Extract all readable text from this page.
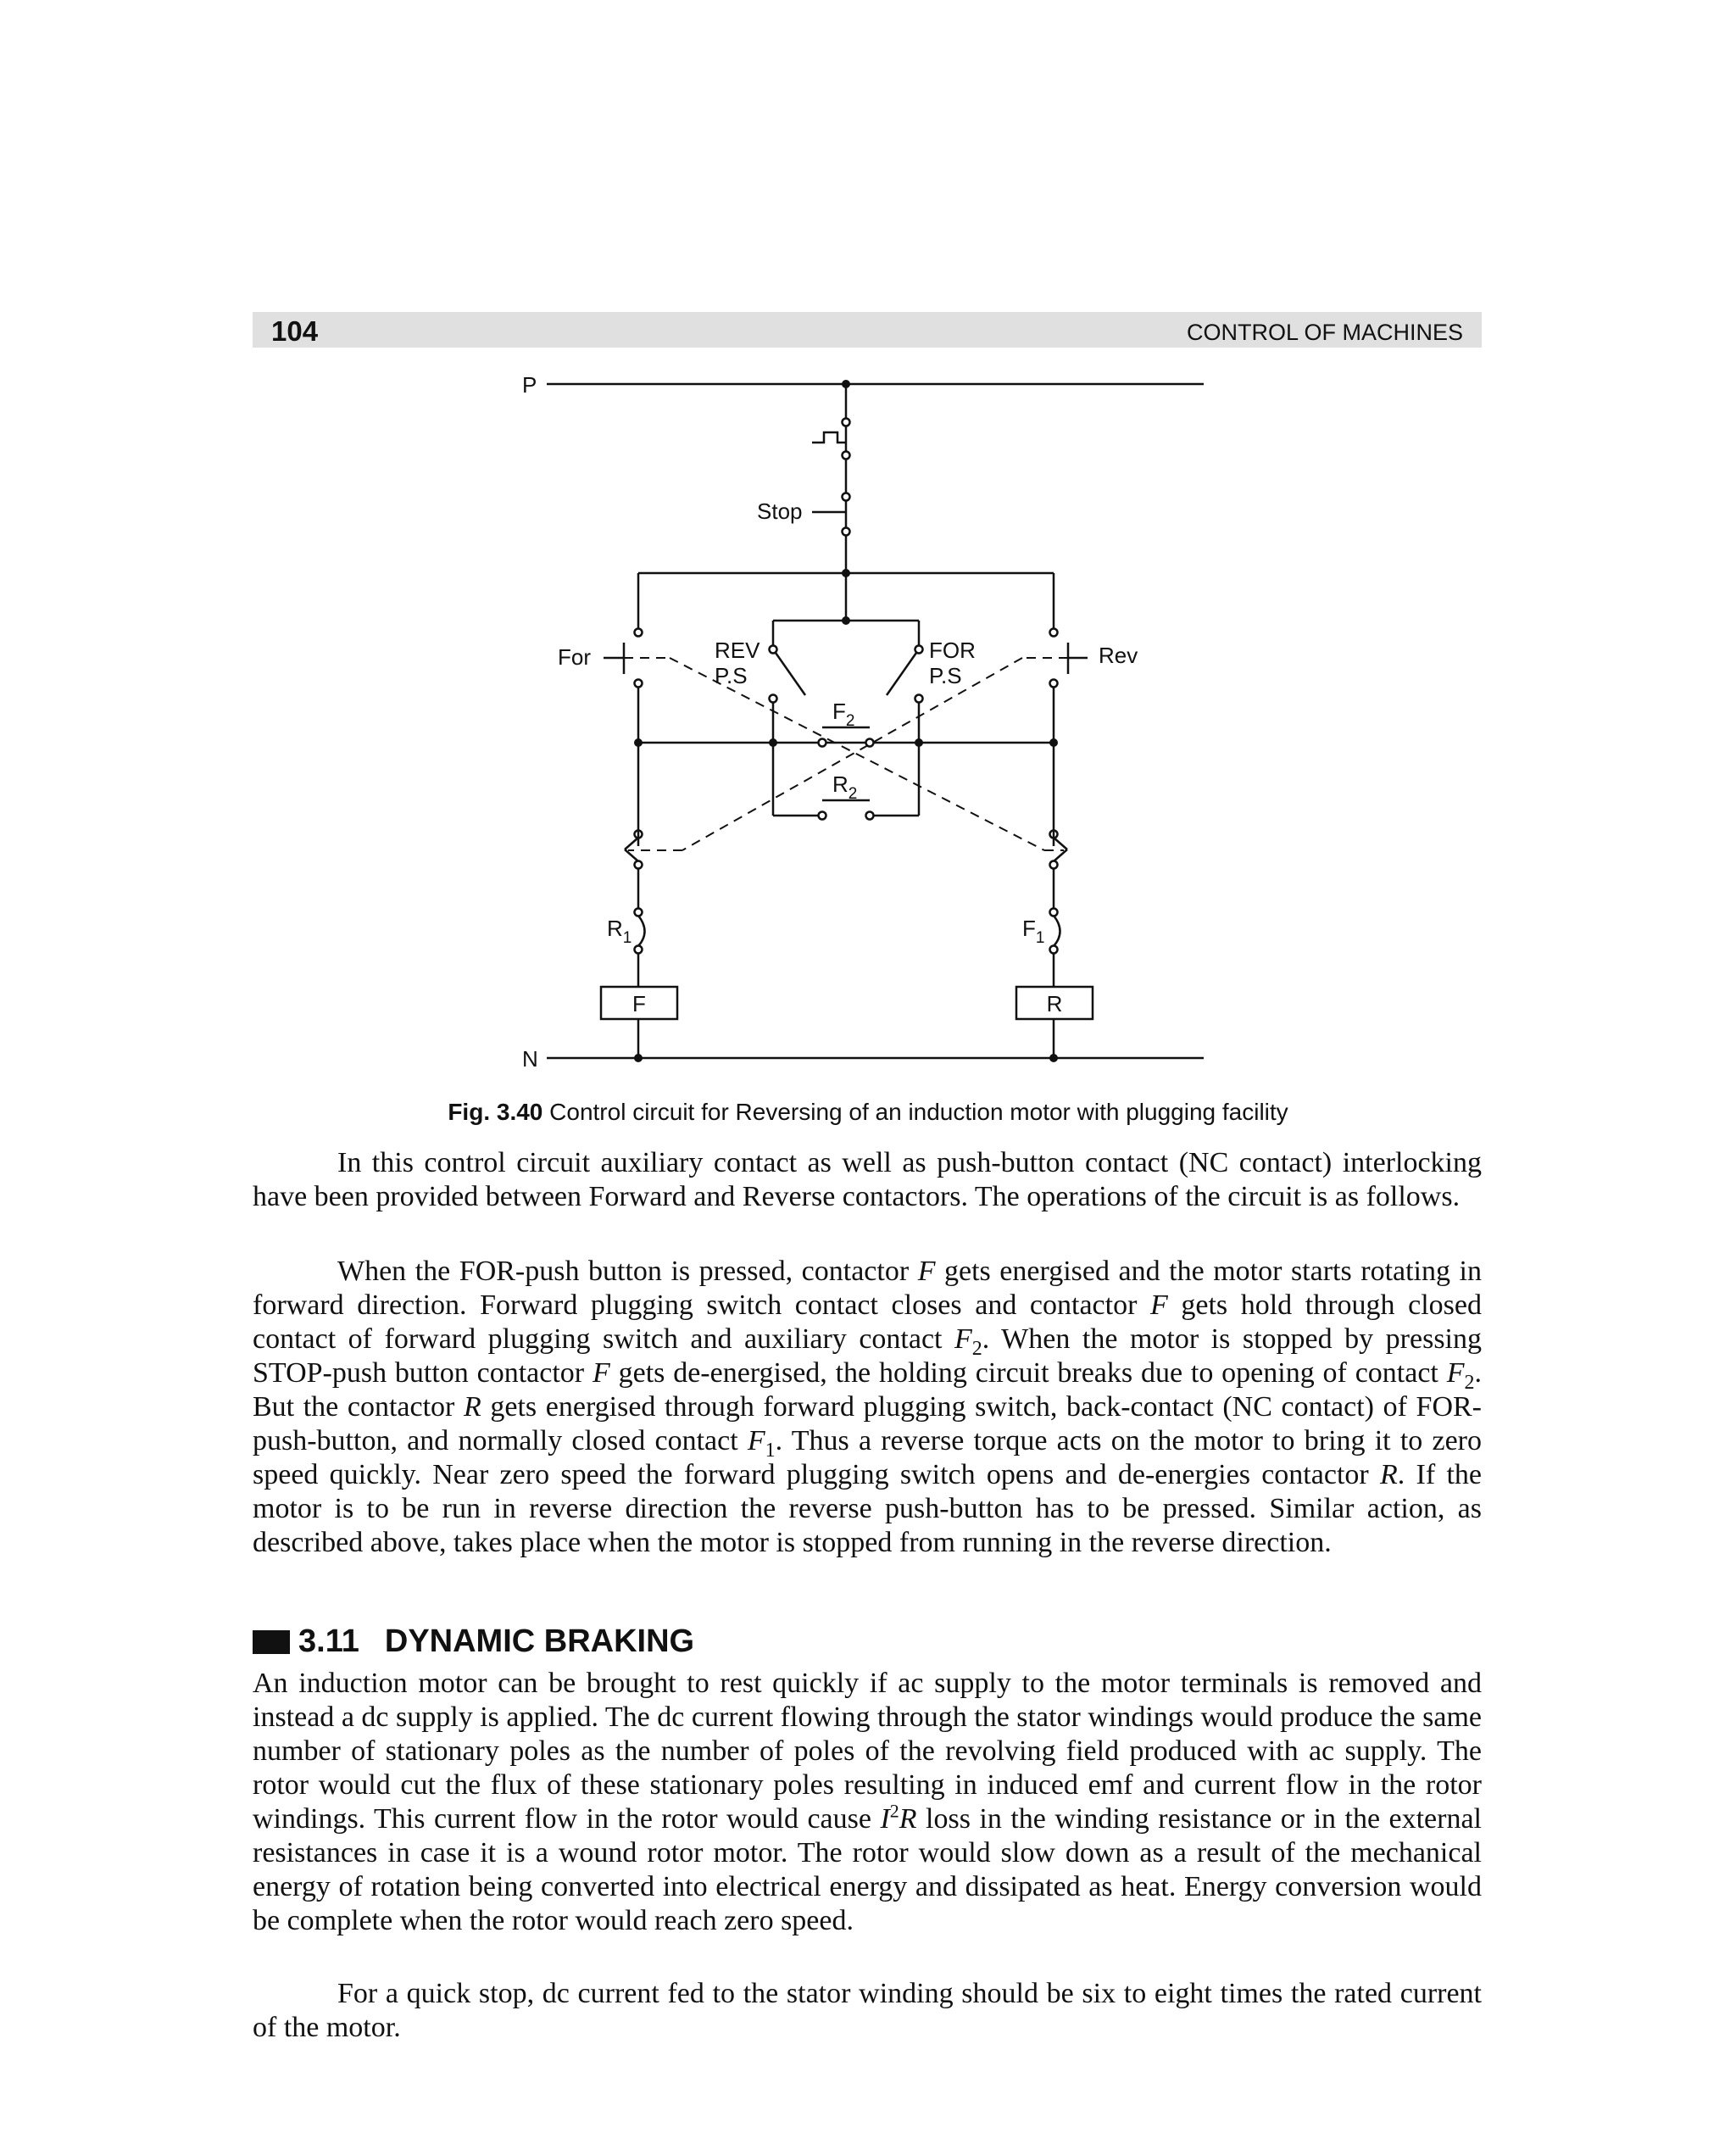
104	CONTROL OF MACHINES
P
N
Stop
For	Rev
REV
P.S
FOR
P.S
$F_2$
$R_2$
$R_1$	$F_1$
F	R
Fig. 3.40 Control circuit for Reversing of an induction motor with plugging facility

In this control circuit auxiliary contact as well as push-button contact (NC contact) interlocking have been provided between Forward and Reverse contactors. The operations of the circuit is as follows.

When the FOR-push button is pressed, contactor F gets energised and the motor starts rotating in forward direction. Forward plugging switch contact closes and contactor F gets hold through closed contact of forward plugging switch and auxiliary contact $F_2$. When the motor is stopped by pressing STOP-push button contactor F gets de-energised, the holding circuit breaks due to opening of contact $F_2$. But the contactor R gets energised through forward plugging switch, back-contact (NC contact) of FOR-push-button, and normally closed contact $F_1$. Thus a reverse torque acts on the motor to bring it to zero speed quickly. Near zero speed the forward plugging switch opens and de-energies contactor R. If the motor is to be run in reverse direction the reverse push-button has to be pressed. Similar action, as described above, takes place when the motor is stopped from running in the reverse direction.

3.11 DYNAMIC BRAKING

An induction motor can be brought to rest quickly if ac supply to the motor terminals is removed and instead a dc supply is applied. The dc current flowing through the stator windings would produce the same number of stationary poles as the number of poles of the revolving field produced with ac supply. The rotor would cut the flux of these stationary poles resulting in induced emf and current flow in the rotor windings. This current flow in the rotor would cause $I^2R$ loss in the winding resistance or in the external resistances in case it is a wound rotor motor. The rotor would slow down as a result of the mechanical energy of rotation being converted into electrical energy and dissipated as heat. Energy conversion would be complete when the rotor would reach zero speed.

For a quick stop, dc current fed to the stator winding should be six to eight times the rated current of the motor.
